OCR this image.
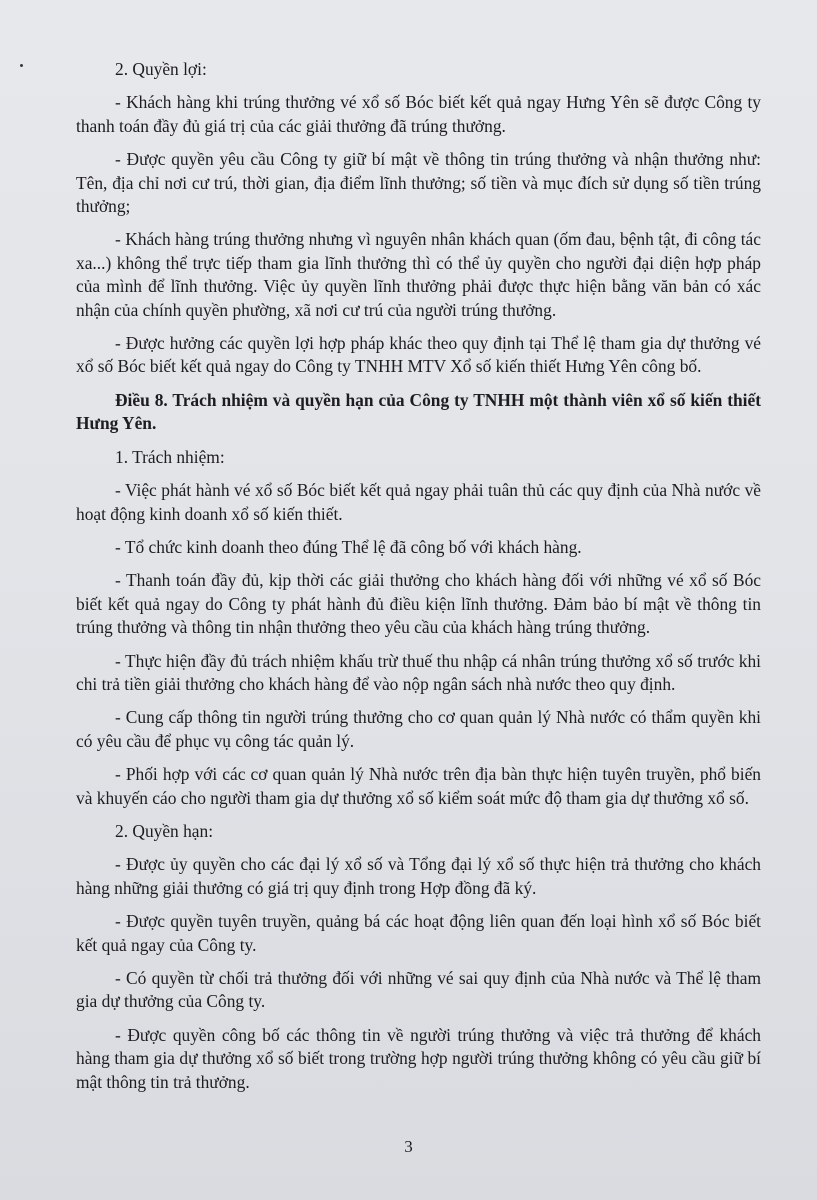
2. Quyền lợi:

- Khách hàng khi trúng thưởng vé xổ số Bóc biết kết quả ngay Hưng Yên sẽ được Công ty thanh toán đầy đủ giá trị của các giải thưởng đã trúng thưởng.

- Được quyền yêu cầu Công ty giữ bí mật về thông tin trúng thưởng và nhận thưởng như: Tên, địa chỉ nơi cư trú, thời gian, địa điểm lĩnh thưởng; số tiền và mục đích sử dụng số tiền trúng thưởng;

- Khách hàng trúng thưởng nhưng vì nguyên nhân khách quan (ốm đau, bệnh tật, đi công tác xa...) không thể trực tiếp tham gia lĩnh thưởng thì có thể ủy quyền cho người đại diện hợp pháp của mình để lĩnh thưởng. Việc ủy quyền lĩnh thưởng phải được thực hiện bằng văn bản có xác nhận của chính quyền phường, xã nơi cư trú của người trúng thưởng.

- Được hưởng các quyền lợi hợp pháp khác theo quy định tại Thể lệ tham gia dự thưởng vé xổ số Bóc biết kết quả ngay do Công ty TNHH MTV Xổ số kiến thiết Hưng Yên công bố.

Điều 8. Trách nhiệm và quyền hạn của Công ty TNHH một thành viên xổ số kiến thiết Hưng Yên.

1. Trách nhiệm:

- Việc phát hành vé xổ số Bóc biết kết quả ngay phải tuân thủ các quy định của Nhà nước về hoạt động kinh doanh xổ số kiến thiết.

- Tổ chức kinh doanh theo đúng Thể lệ đã công bố với khách hàng.

- Thanh toán đầy đủ, kịp thời các giải thưởng cho khách hàng đối với những vé xổ số Bóc biết kết quả ngay do Công ty phát hành đủ điều kiện lĩnh thưởng. Đảm bảo bí mật về thông tin trúng thưởng và thông tin nhận thưởng theo yêu cầu của khách hàng trúng thưởng.

- Thực hiện đầy đủ trách nhiệm khấu trừ thuế thu nhập cá nhân trúng thưởng xổ số trước khi chi trả tiền giải thưởng cho khách hàng để vào nộp ngân sách nhà nước theo quy định.

- Cung cấp thông tin người trúng thưởng cho cơ quan quản lý Nhà nước có thẩm quyền khi có yêu cầu để phục vụ công tác quản lý.

- Phối hợp với các cơ quan quản lý Nhà nước trên địa bàn thực hiện tuyên truyền, phổ biến và khuyến cáo cho người tham gia dự thưởng xổ số kiểm soát mức độ tham gia dự thưởng xổ số.

2. Quyền hạn:

- Được ủy quyền cho các đại lý xổ số và Tổng đại lý xổ số thực hiện trả thưởng cho khách hàng những giải thưởng có giá trị quy định trong Hợp đồng đã ký.

- Được quyền tuyên truyền, quảng bá các hoạt động liên quan đến loại hình xổ số Bóc biết kết quả ngay của Công ty.

- Có quyền từ chối trả thưởng đối với những vé sai quy định của Nhà nước và Thể lệ tham gia dự thưởng của Công ty.

- Được quyền công bố các thông tin về người trúng thưởng và việc trả thưởng để khách hàng tham gia dự thưởng xổ số biết trong trường hợp người trúng thưởng không có yêu cầu giữ bí mật thông tin trả thưởng.

3
